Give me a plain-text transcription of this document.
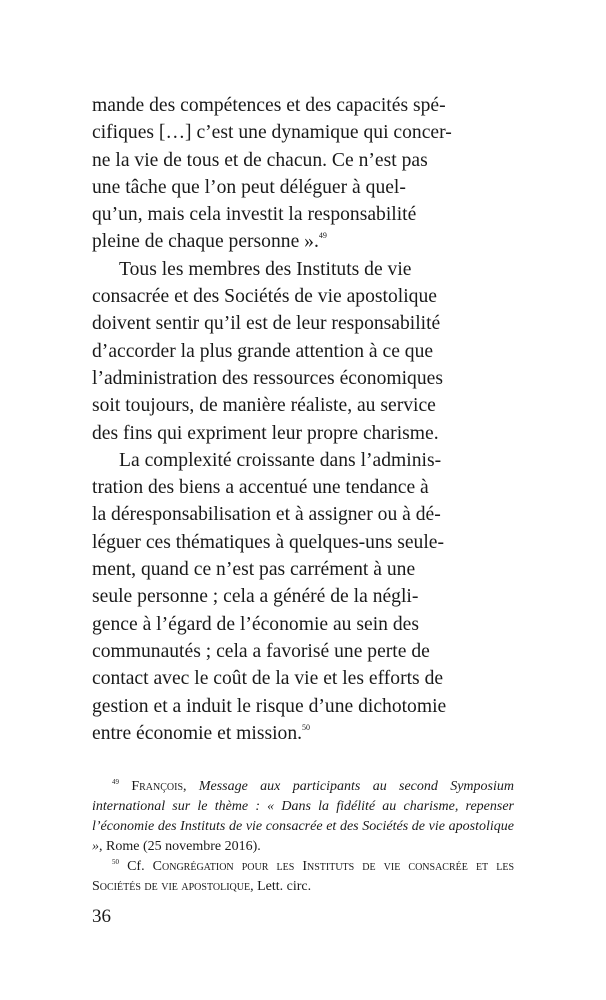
mande des compétences et des capacités spé-
cifiques […] c’est une dynamique qui concer-
ne la vie de tous et de chacun. Ce n’est pas
une tâche que l’on peut déléguer à quel-
qu’un, mais cela investit la responsabilité
pleine de chaque personne ».$^{49}$

Tous les membres des Instituts de vie
consacrée et des Sociétés de vie apostolique
doivent sentir qu’il est de leur responsabilité
d’accorder la plus grande attention à ce que
l’administration des ressources économiques
soit toujours, de manière réaliste, au service
des fins qui expriment leur propre charisme.

La complexité croissante dans l’adminis-
tration des biens a accentué une tendance à
la déresponsabilisation et à assigner ou à dé-
léguer ces thématiques à quelques-uns seule-
ment, quand ce n’est pas carrément à une
seule personne ; cela a généré de la négli-
gence à l’égard de l’économie au sein des
communautés ; cela a favorisé une perte de
contact avec le coût de la vie et les efforts de
gestion et a induit le risque d’une dichotomie
entre économie et mission.$^{50}$

$^{49}$ François, Message aux participants au second Symposium international sur le thème : « Dans la fidélité au charisme, repenser l’économie des Instituts de vie consacrée et des Sociétés de vie apostolique », Rome (25 novembre 2016).

$^{50}$ Cf. Congrégation pour les Instituts de vie consacrée et les Sociétés de vie apostolique, Lett. circ.

36
